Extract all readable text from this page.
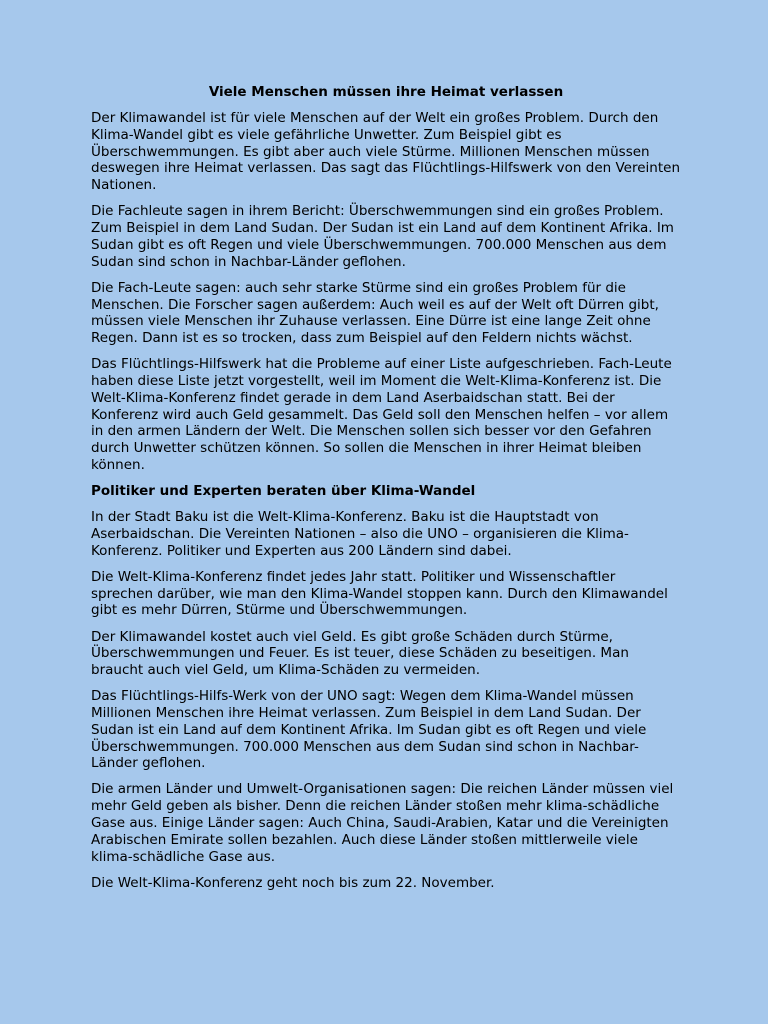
Viele Menschen müssen ihre Heimat verlassen

Der Klimawandel ist für viele Menschen auf der Welt ein großes Problem. Durch den Klima-Wandel gibt es viele gefährliche Unwetter. Zum Beispiel gibt es Überschwemmungen. Es gibt aber auch viele Stürme. Millionen Menschen müssen deswegen ihre Heimat verlassen. Das sagt das Flüchtlings-Hilfswerk von den Vereinten Nationen.

Die Fachleute sagen in ihrem Bericht: Überschwemmungen sind ein großes Problem. Zum Beispiel in dem Land Sudan. Der Sudan ist ein Land auf dem Kontinent Afrika. Im Sudan gibt es oft Regen und viele Überschwemmungen. 700.000 Menschen aus dem Sudan sind schon in Nachbar-Länder geflohen.

Die Fach-Leute sagen: auch sehr starke Stürme sind ein großes Problem für die Menschen. Die Forscher sagen außerdem: Auch weil es auf der Welt oft Dürren gibt, müssen viele Menschen ihr Zuhause verlassen. Eine Dürre ist eine lange Zeit ohne Regen. Dann ist es so trocken, dass zum Beispiel auf den Feldern nichts wächst.

Das Flüchtlings-Hilfswerk hat die Probleme auf einer Liste aufgeschrieben. Fach-Leute haben diese Liste jetzt vorgestellt, weil im Moment die Welt-Klima-Konferenz ist. Die Welt-Klima-Konferenz findet gerade in dem Land Aserbaidschan statt. Bei der Konferenz wird auch Geld gesammelt. Das Geld soll den Menschen helfen – vor allem in den armen Ländern der Welt. Die Menschen sollen sich besser vor den Gefahren durch Unwetter schützen können. So sollen die Menschen in ihrer Heimat bleiben können.

Politiker und Experten beraten über Klima-Wandel

In der Stadt Baku ist die Welt-Klima-Konferenz. Baku ist die Hauptstadt von Aserbaidschan. Die Vereinten Nationen – also die UNO – organisieren die Klima-Konferenz. Politiker und Experten aus 200 Ländern sind dabei.

Die Welt-Klima-Konferenz findet jedes Jahr statt. Politiker und Wissenschaftler sprechen darüber, wie man den Klima-Wandel stoppen kann. Durch den Klimawandel gibt es mehr Dürren, Stürme und Überschwemmungen.

Der Klimawandel kostet auch viel Geld. Es gibt große Schäden durch Stürme, Überschwemmungen und Feuer. Es ist teuer, diese Schäden zu beseitigen. Man braucht auch viel Geld, um Klima-Schäden zu vermeiden.

Das Flüchtlings-Hilfs-Werk von der UNO sagt: Wegen dem Klima-Wandel müssen Millionen Menschen ihre Heimat verlassen. Zum Beispiel in dem Land Sudan. Der Sudan ist ein Land auf dem Kontinent Afrika. Im Sudan gibt es oft Regen und viele Überschwemmungen. 700.000 Menschen aus dem Sudan sind schon in Nachbar-Länder geflohen.

Die armen Länder und Umwelt-Organisationen sagen: Die reichen Länder müssen viel mehr Geld geben als bisher. Denn die reichen Länder stoßen mehr klima-schädliche Gase aus. Einige Länder sagen: Auch China, Saudi-Arabien, Katar und die Vereinigten Arabischen Emirate sollen bezahlen. Auch diese Länder stoßen mittlerweile viele klima-schädliche Gase aus.

Die Welt-Klima-Konferenz geht noch bis zum 22. November.
